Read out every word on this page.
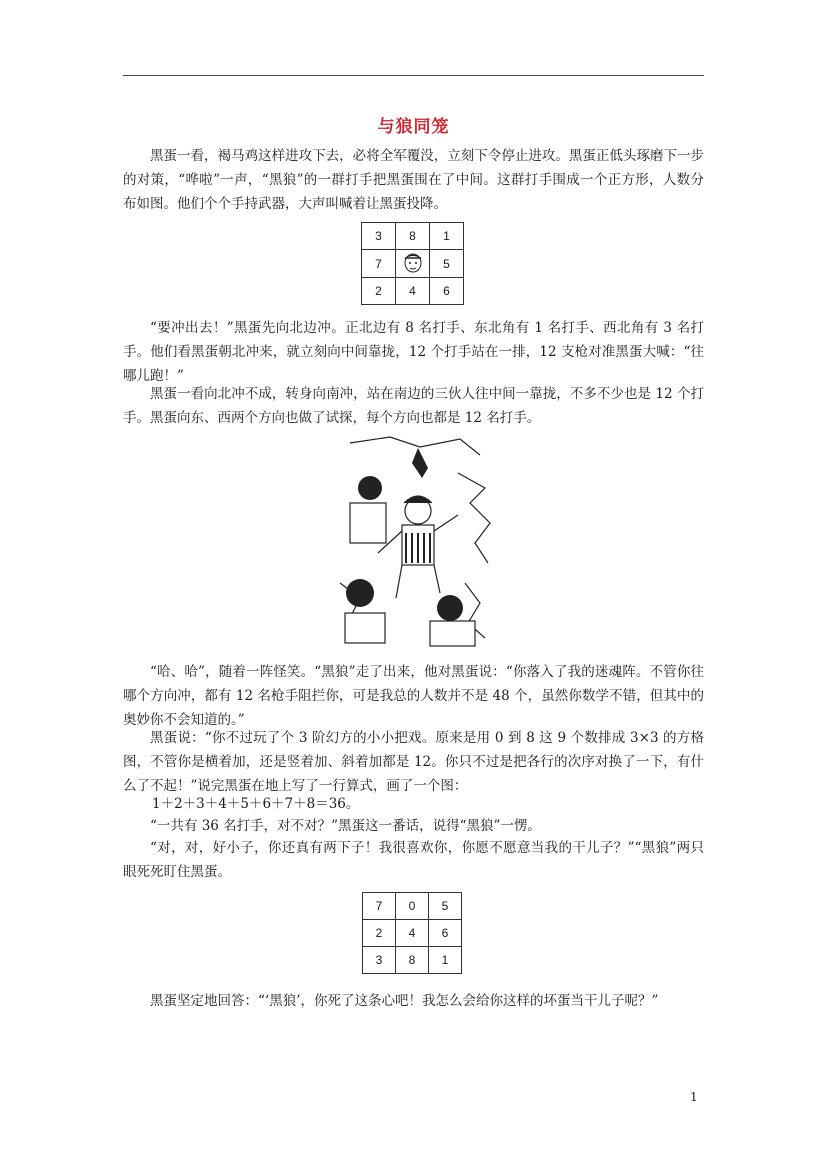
与狼同笼

黑蛋一看，褐马鸡这样进攻下去，必将全军覆没，立刻下令停止进攻。黑蛋正低头琢磨下一步的对策，“哗啦”一声，“黑狼”的一群打手把黑蛋围在了中间。这群打手围成一个正方形，人数分布如图。他们个个手持武器，大声叫喊着让黑蛋投降。

3	8	1
7		5
2	4	6

“要冲出去！”黑蛋先向北边冲。正北边有 8 名打手、东北角有 1 名打手、西北角有 3 名打手。他们看黑蛋朝北冲来，就立刻向中间靠拢，12 个打手站在一排，12 支枪对准黑蛋大喊：“往哪儿跑！”

黑蛋一看向北冲不成，转身向南冲，站在南边的三伙人往中间一靠拢，不多不少也是 12 个打手。黑蛋向东、西两个方向也做了试探，每个方向也都是 12 名打手。

“哈、哈”，随着一阵怪笑。“黑狼”走了出来，他对黑蛋说：“你落入了我的迷魂阵。不管你往哪个方向冲，都有 12 名枪手阻拦你，可是我总的人数并不是 48 个，虽然你数学不错，但其中的奥妙你不会知道的。”

黑蛋说：“你不过玩了个 3 阶幻方的小小把戏。原来是用 0 到 8 这 9 个数排成 3×3 的方格图，不管你是横着加，还是竖着加、斜着加都是 12。你只不过是把各行的次序对换了一下，有什么了不起！”说完黑蛋在地上写了一行算式，画了一个图：

1＋2＋3＋4＋5＋6＋7＋8＝36。

“一共有 36 名打手，对不对？”黑蛋这一番话，说得“黑狼”一愣。

“对，对，好小子，你还真有两下子！我很喜欢你，你愿不愿意当我的干儿子？”“黑狼”两只眼死死盯住黑蛋。

7	0	5
2	4	6
3	8	1

黑蛋坚定地回答：“‘黑狼’，你死了这条心吧！我怎么会给你这样的坏蛋当干儿子呢？”

1
